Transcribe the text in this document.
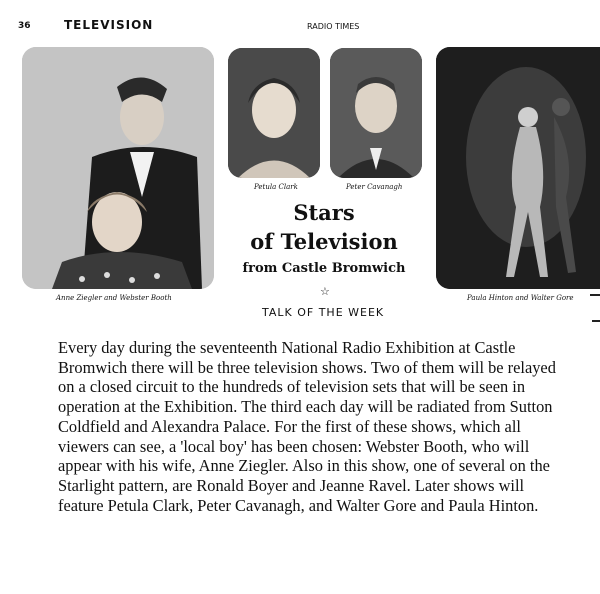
36	TELEVISION	RADIO TIMES
Anne Ziegler and Webster Booth
Petula Clark	Peter Cavanagh
Paula Hinton and Walter Gore
Stars
of Television
from Castle Bromwich
☆
TALK OF THE WEEK
Every day during the seventeenth National Radio Exhibition at Castle Bromwich there will be three television shows. Two of them will be relayed on a closed circuit to the hundreds of television sets that will be seen in operation at the Exhibition. The third each day will be radiated from Sutton Coldfield and Alexandra Palace. For the first of these shows, which all viewers can see, a 'local boy' has been chosen: Webster Booth, who will appear with his wife, Anne Ziegler. Also in this show, one of several on the Starlight pattern, are Ronald Boyer and Jeanne Ravel. Later shows will feature Petula Clark, Peter Cavanagh, and Walter Gore and Paula Hinton.
